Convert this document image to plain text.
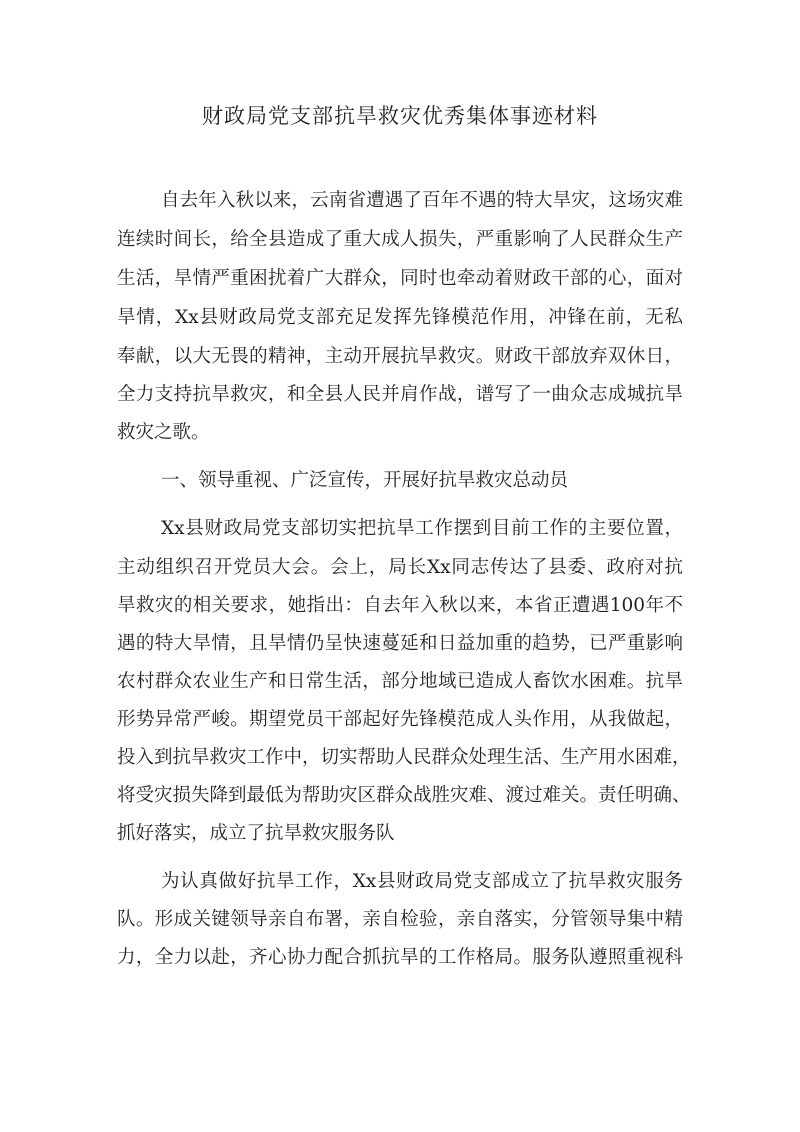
财政局党支部抗旱救灾优秀集体事迹材料
自去年入秋以来，云南省遭遇了百年不遇的特大旱灾，这场灾难
连续时间长，给全县造成了重大成人损失，严重影响了人民群众生产
生活，旱情严重困扰着广大群众，同时也牵动着财政干部的心，面对
旱情，Xx县财政局党支部充足发挥先锋模范作用，冲锋在前，无私
奉献，以大无畏的精神，主动开展抗旱救灾。财政干部放弃双休日，
全力支持抗旱救灾，和全县人民并肩作战，谱写了一曲众志成城抗旱
救灾之歌。
一、领导重视、广泛宣传，开展好抗旱救灾总动员
Xx县财政局党支部切实把抗旱工作摆到目前工作的主要位置，
主动组织召开党员大会。会上，局长Xx同志传达了县委、政府对抗
旱救灾的相关要求，她指出：自去年入秋以来，本省正遭遇100年不
遇的特大旱情，且旱情仍呈快速蔓延和日益加重的趋势，已严重影响
农村群众农业生产和日常生活，部分地域已造成人畜饮水困难。抗旱
形势异常严峻。期望党员干部起好先锋模范成人头作用，从我做起，
投入到抗旱救灾工作中，切实帮助人民群众处理生活、生产用水困难，
将受灾损失降到最低为帮助灾区群众战胜灾难、渡过难关。责任明确、
抓好落实，成立了抗旱救灾服务队
为认真做好抗旱工作，Xx县财政局党支部成立了抗旱救灾服务
队。形成关键领导亲自布署，亲自检验，亲自落实，分管领导集中精
力，全力以赴，齐心协力配合抓抗旱的工作格局。服务队遵照重视科
